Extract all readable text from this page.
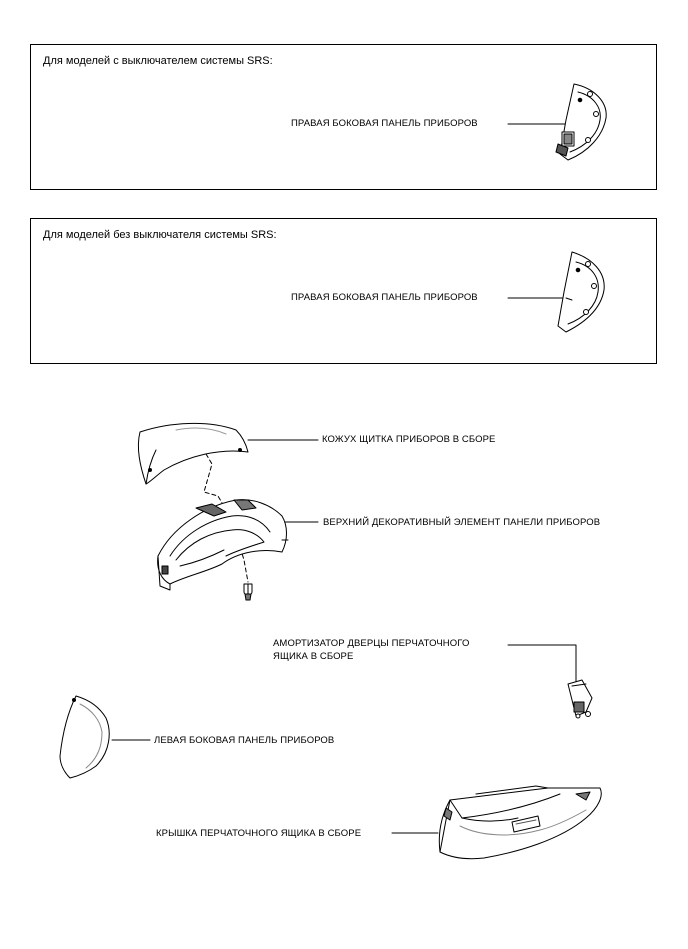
Для моделей с выключателем системы SRS:
ПРАВАЯ БОКОВАЯ ПАНЕЛЬ ПРИБОРОВ
Для моделей без выключателя системы SRS:
ПРАВАЯ БОКОВАЯ ПАНЕЛЬ ПРИБОРОВ
КОЖУХ ЩИТКА ПРИБОРОВ В СБОРЕ
ВЕРХНИЙ ДЕКОРАТИВНЫЙ ЭЛЕМЕНТ ПАНЕЛИ ПРИБОРОВ
АМОРТИЗАТОР ДВЕРЦЫ ПЕРЧАТОЧНОГО
ЯЩИКА В СБОРЕ
ЛЕВАЯ БОКОВАЯ ПАНЕЛЬ ПРИБОРОВ
КРЫШКА ПЕРЧАТОЧНОГО ЯЩИКА В СБОРЕ
